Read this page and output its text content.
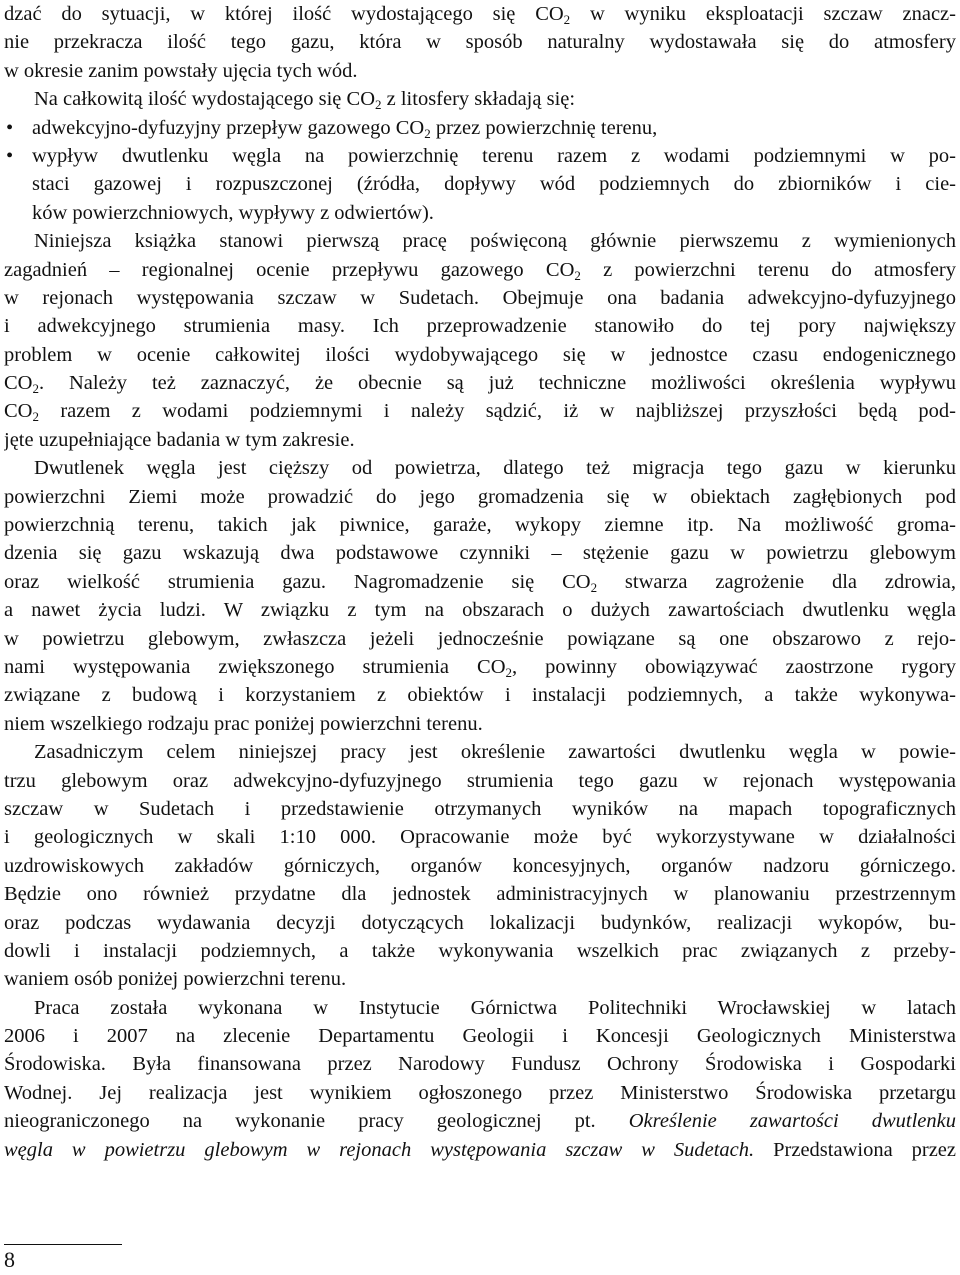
dzać do sytuacji, w której ilość wydostającego się $CO_2$ w wyniku eksploatacji szczaw znacz-
nie przekracza ilość tego gazu, która w sposób naturalny wydostawała się do atmosfery
w okresie zanim powstały ujęcia tych wód.
Na całkowitą ilość wydostającego się $CO_2$ z litosfery składają się:
• adwekcyjno-dyfuzyjny przepływ gazowego $CO_2$ przez powierzchnię terenu,
• wypływ dwutlenku węgla na powierzchnię terenu razem z wodami podziemnymi w po-
staci gazowej i rozpuszczonej (źródła, dopływy wód podziemnych do zbiorników i cie-
ków powierzchniowych, wypływy z odwiertów).
Niniejsza książka stanowi pierwszą pracę poświęconą głównie pierwszemu z wymienionych
zagadnień – regionalnej ocenie przepływu gazowego $CO_2$ z powierzchni terenu do atmosfery
w rejonach występowania szczaw w Sudetach. Obejmuje ona badania adwekcyjno-dyfuzyjnego
i adwekcyjnego strumienia masy. Ich przeprowadzenie stanowiło do tej pory największy
problem w ocenie całkowitej ilości wydobywającego się w jednostce czasu endogenicznego
$CO_2$. Należy też zaznaczyć, że obecnie są już techniczne możliwości określenia wypływu
$CO_2$ razem z wodami podziemnymi i należy sądzić, iż w najbliższej przyszłości będą pod-
jęte uzupełniające badania w tym zakresie.
Dwutlenek węgla jest cięższy od powietrza, dlatego też migracja tego gazu w kierunku
powierzchni Ziemi może prowadzić do jego gromadzenia się w obiektach zagłębionych pod
powierzchnią terenu, takich jak piwnice, garaże, wykopy ziemne itp. Na możliwość groma-
dzenia się gazu wskazują dwa podstawowe czynniki – stężenie gazu w powietrzu glebowym
oraz wielkość strumienia gazu. Nagromadzenie się $CO_2$ stwarza zagrożenie dla zdrowia,
a nawet życia ludzi. W związku z tym na obszarach o dużych zawartościach dwutlenku węgla
w powietrzu glebowym, zwłaszcza jeżeli jednocześnie powiązane są one obszarowo z rejo-
nami występowania zwiększonego strumienia $CO_2$, powinny obowiązywać zaostrzone rygory
związane z budową i korzystaniem z obiektów i instalacji podziemnych, a także wykonywa-
niem wszelkiego rodzaju prac poniżej powierzchni terenu.
Zasadniczym celem niniejszej pracy jest określenie zawartości dwutlenku węgla w powie-
trzu glebowym oraz adwekcyjno-dyfuzyjnego strumienia tego gazu w rejonach występowania
szczaw w Sudetach i przedstawienie otrzymanych wyników na mapach topograficznych
i geologicznych w skali 1:10 000. Opracowanie może być wykorzystywane w działalności
uzdrowiskowych zakładów górniczych, organów koncesyjnych, organów nadzoru górniczego.
Będzie ono również przydatne dla jednostek administracyjnych w planowaniu przestrzennym
oraz podczas wydawania decyzji dotyczących lokalizacji budynków, realizacji wykopów, bu-
dowli i instalacji podziemnych, a także wykonywania wszelkich prac związanych z przeby-
waniem osób poniżej powierzchni terenu.
Praca została wykonana w Instytucie Górnictwa Politechniki Wrocławskiej w latach
2006 i 2007 na zlecenie Departamentu Geologii i Koncesji Geologicznych Ministerstwa
Środowiska. Była finansowana przez Narodowy Fundusz Ochrony Środowiska i Gospodarki
Wodnej. Jej realizacja jest wynikiem ogłoszonego przez Ministerstwo Środowiska przetargu
nieograniczonego na wykonanie pracy geologicznej pt. Określenie zawartości dwutlenku
węgla w powietrzu glebowym w rejonach występowania szczaw w Sudetach. Przedstawiona przez
8
